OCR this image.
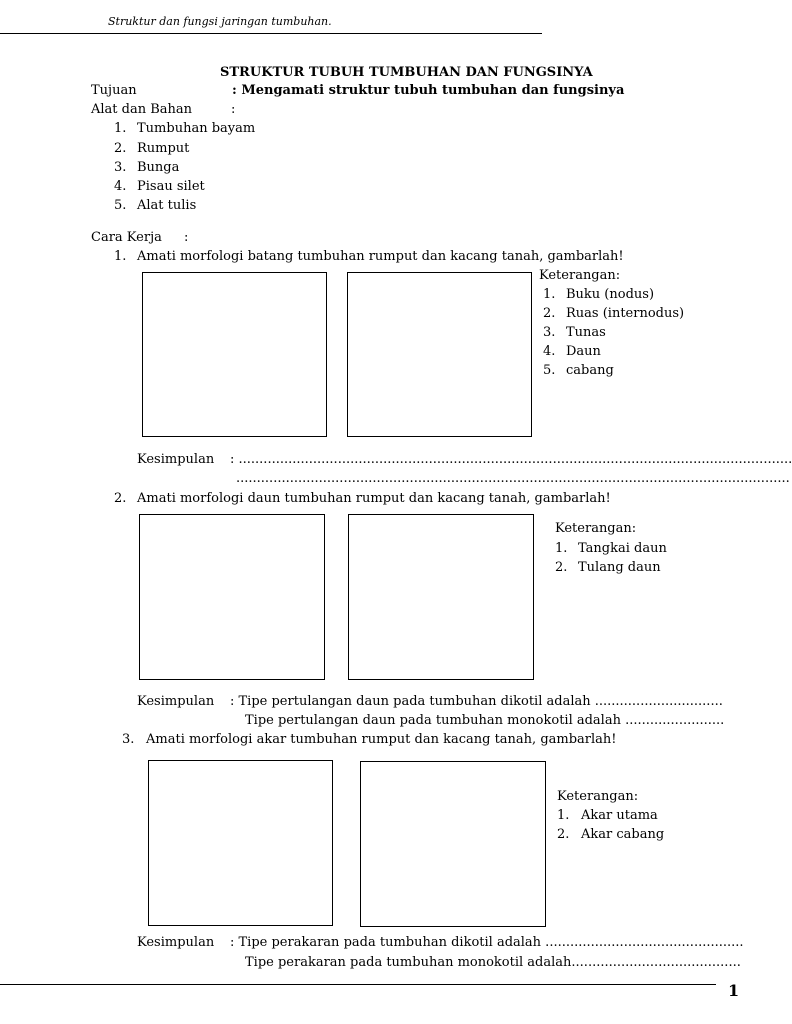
Struktur dan fungsi jaringan tumbuhan.
STRUKTUR TUBUH TUMBUHAN DAN FUNGSINYA
Tujuan	: Mengamati struktur tubuh tumbuhan dan fungsinya
Alat dan Bahan	:
1. Tumbuhan bayam
2. Rumput
3. Bunga
4. Pisau silet
5. Alat tulis
Cara Kerja :
1. Amati morfologi batang tumbuhan rumput dan kacang tanah, gambarlah!
Keterangan:
1. Buku (nodus)
2. Ruas (internodus)
3. Tunas
4. Daun
5. cabang
Kesimpulan : ......................................................................................................................................
......................................................................................................................................
2. Amati morfologi daun tumbuhan rumput dan kacang tanah, gambarlah!
Keterangan:
1. Tangkai daun
2. Tulang daun
Kesimpulan : Tipe pertulangan daun pada tumbuhan dikotil adalah ...............................
Tipe pertulangan daun pada tumbuhan monokotil adalah ........................
3. Amati morfologi akar tumbuhan rumput dan kacang tanah, gambarlah!
Keterangan:
1. Akar utama
2. Akar cabang
Kesimpulan : Tipe perakaran pada tumbuhan dikotil adalah ................................................
Tipe perakaran pada tumbuhan monokotil adalah.........................................
1
